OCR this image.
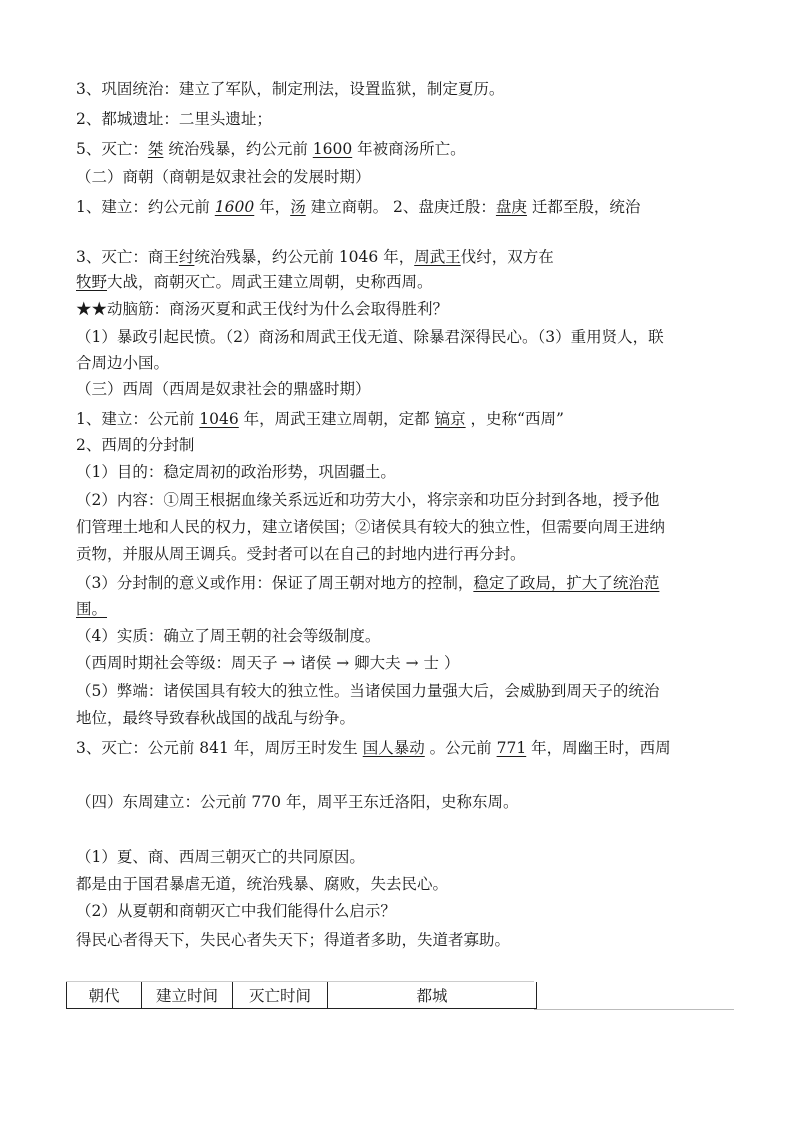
3、巩固统治：建立了军队，制定刑法，设置监狱，制定夏历。
2、都城遗址：二里头遗址；
5、灭亡：桀 统治残暴，约公元前 1600 年被商汤所亡。
（二）商朝（商朝是奴隶社会的发展时期）
1、建立：约公元前 1600 年，汤 建立商朝。 2、盘庚迁殷：盘庚 迁都至殷，统治
3、灭亡：商王纣统治残暴，约公元前 1046 年，周武王伐纣，双方在
牧野大战，商朝灭亡。周武王建立周朝，史称西周。
★★动脑筋：商汤灭夏和武王伐纣为什么会取得胜利？
（1）暴政引起民愤。（2）商汤和周武王伐无道、除暴君深得民心。（3）重用贤人，联
合周边小国。
（三）西周（西周是奴隶社会的鼎盛时期）
1、建立：公元前 1046 年，周武王建立周朝，定都 镐京 ，史称“西周”
2、西周的分封制
（1）目的：稳定周初的政治形势，巩固疆土。
（2）内容：①周王根据血缘关系远近和功劳大小，将宗亲和功臣分封到各地，授予他
们管理土地和人民的权力，建立诸侯国；②诸侯具有较大的独立性，但需要向周王进纳
贡物，并服从周王调兵。受封者可以在自己的封地内进行再分封。
（3）分封制的意义或作用：保证了周王朝对地方的控制，稳定了政局，扩大了统治范
围。
（4）实质：确立了周王朝的社会等级制度。
（西周时期社会等级：周天子 → 诸侯 → 卿大夫 → 士 ）
（5）弊端：诸侯国具有较大的独立性。当诸侯国力量强大后，会威胁到周天子的统治
地位，最终导致春秋战国的战乱与纷争。
3、灭亡：公元前 841 年，周厉王时发生 国人暴动 。公元前 771 年，周幽王时，西周
（四）东周建立：公元前 770 年，周平王东迁洛阳，史称东周。
（1）夏、商、西周三朝灭亡的共同原因。
都是由于国君暴虐无道，统治残暴、腐败，失去民心。
（2）从夏朝和商朝灭亡中我们能得什么启示？
得民心者得天下，失民心者失天下；得道者多助，失道者寡助。
朝代	建立时间	灭亡时间	都城
